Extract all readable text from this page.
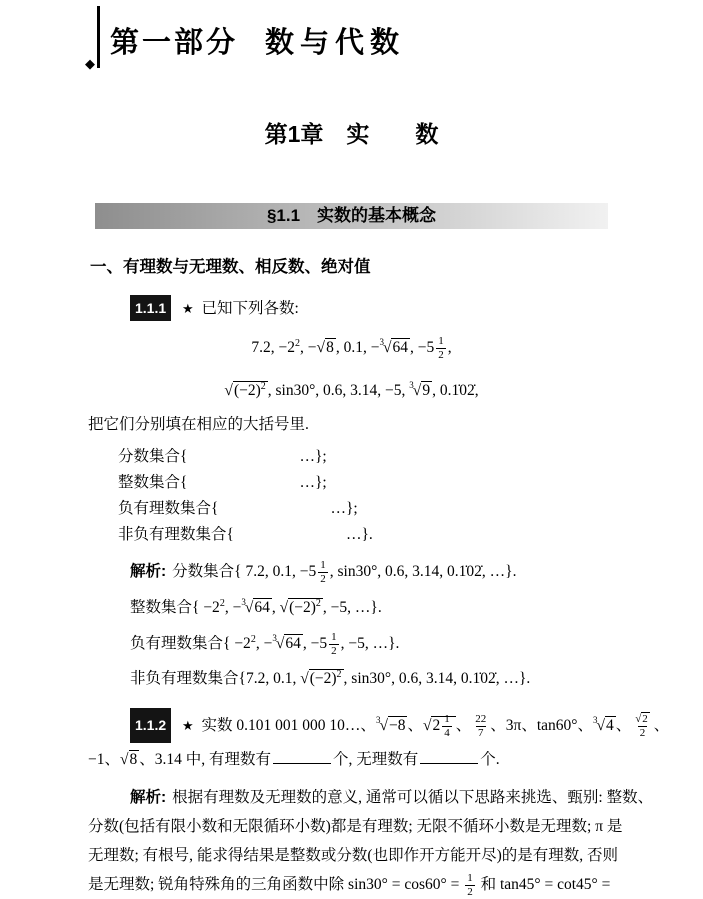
◆
第一部分 数与代数
第1章　实　　数
§1.1　实数的基本概念
一、有理数与无理数、相反数、绝对值
1.1.1 ★ 已知下列各数:
7.2, $-2^2$, −√8 , 0.1, −$^3$√64 , $-5 \frac{1}{2}$ ,
$√(-2)^2$ , sin30°, 0.6, 3.14, −5, $^3$√9 , 0.1̇02̇,
把它们分别填在相应的大括号里.
分数集合{	…};
整数集合{	…};
负有理数集合{	…};
非负有理数集合{	…}.
解析: 分数集合{ 7.2, 0.1, $-5 \frac{1}{2}$ , sin30°, 0.6, 3.14, 0.1̇02̇, …}.
整数集合{ $-2^2$, −$^3$√64 , $√(-2)^2$ , −5, …}.
负有理数集合{ $-2^2$, −$^3$√64 , $-5 \frac{1}{2}$ , −5, …}.
非负有理数集合{7.2, 0.1, $√(-2)^2$ , sin30°, 0.6, 3.14, 0.1̇02̇, …}.
1.1.2 ★ 实数 0.101 001 000 10…、$^3$√−8 、$√2 \frac{1}{4}$ 、 $\frac{22}{7}$ 、3π、tan60°、$^3$√4 、 $\frac{√2}{2}$ 、
−1、√8 、3.14 中, 有理数有	个, 无理数有	个.
解析: 根据有理数及无理数的意义, 通常可以循以下思路来挑选、甄别: 整数、
分数(包括有限小数和无限循环小数)都是有理数; 无限不循环小数是无理数; π 是
无理数; 有根号, 能求得结果是整数或分数(也即作开方能开尽)的是有理数, 否则
是无理数; 锐角特殊角的三角函数中除 $\sin 30^\circ = \cos 60^\circ = \frac{1}{2}$ 和 tan45° = cot45° =
